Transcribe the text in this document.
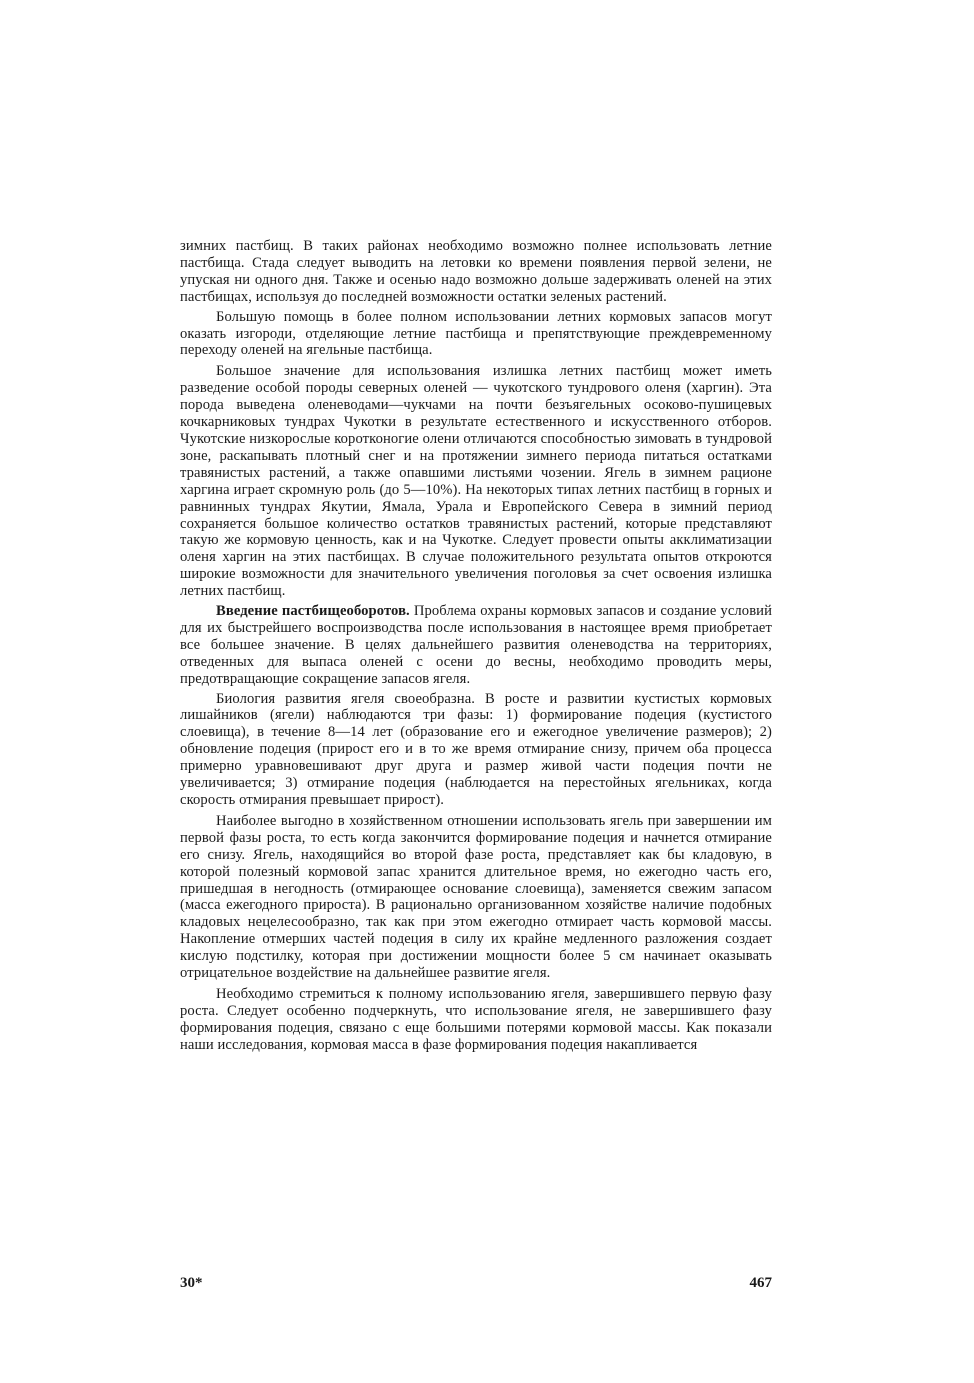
зимних пастбищ. В таких районах необходимо возможно полнее использовать летние пастбища. Стада следует выводить на летовки ко времени появления первой зелени, не упуская ни одного дня. Также и осенью надо возможно дольше задерживать оленей на этих пастбищах, используя до последней возможности остатки зеленых растений.

Большую помощь в более полном использовании летних кормовых запасов могут оказать изгороди, отделяющие летние пастбища и препятствующие преждевременному переходу оленей на ягельные пастбища.

Большое значение для использования излишка летних пастбищ может иметь разведение особой породы северных оленей — чукотского тундрового оленя (харгин). Эта порода выведена оленеводами—чукчами на почти безъягельных осоково-пушицевых кочкарниковых тундрах Чукотки в результате естественного и искусственного отборов. Чукотские низкорослые коротконогие олени отличаются способностью зимовать в тундровой зоне, раскапывать плотный снег и на протяжении зимнего периода питаться остатками травянистых растений, а также опавшими листьями чозении. Ягель в зимнем рационе харгина играет скромную роль (до 5—10%). На некоторых типах летних пастбищ в горных и равнинных тундрах Якутии, Ямала, Урала и Европейского Севера в зимний период сохраняется большое количество остатков травянистых растений, которые представляют такую же кормовую ценность, как и на Чукотке. Следует провести опыты акклиматизации оленя харгин на этих пастбищах. В случае положительного результата опытов откроются широкие возможности для значительного увеличения поголовья за счет освоения излишка летних пастбищ.

Введение пастбищеоборотов. Проблема охраны кормовых запасов и создание условий для их быстрейшего воспроизводства после использования в настоящее время приобретает все большее значение. В целях дальнейшего развития оленеводства на территориях, отведенных для выпаса оленей с осени до весны, необходимо проводить меры, предотвращающие сокращение запасов ягеля.

Биология развития ягеля своеобразна. В росте и развитии кустистых кормовых лишайников (ягели) наблюдаются три фазы: 1) формирование подеция (кустистого слоевища), в течение 8—14 лет (образование его и ежегодное увеличение размеров); 2) обновление подеция (прирост его и в то же время отмирание снизу, причем оба процесса примерно уравновешивают друг друга и размер живой части подеция почти не увеличивается; 3) отмирание подеция (наблюдается на перестойных ягельниках, когда скорость отмирания превышает прирост).

Наиболее выгодно в хозяйственном отношении использовать ягель при завершении им первой фазы роста, то есть когда закончится формирование подеция и начнется отмирание его снизу. Ягель, находящийся во второй фазе роста, представляет как бы кладовую, в которой полезный кормовой запас хранится длительное время, но ежегодно часть его, пришедшая в негодность (отмирающее основание слоевища), заменяется свежим запасом (масса ежегодного прироста). В рационально организованном хозяйстве наличие подобных кладовых нецелесообразно, так как при этом ежегодно отмирает часть кормовой массы. Накопление отмерших частей подеция в силу их крайне медленного разложения создает кислую подстилку, которая при достижении мощности более 5 см начинает оказывать отрицательное воздействие на дальнейшее развитие ягеля.

Необходимо стремиться к полному использованию ягеля, завершившего первую фазу роста. Следует особенно подчеркнуть, что использование ягеля, не завершившего фазу формирования подеция, связано с еще большими потерями кормовой массы. Как показали наши исследования, кормовая масса в фазе формирования подеция накапливается

30*	467
